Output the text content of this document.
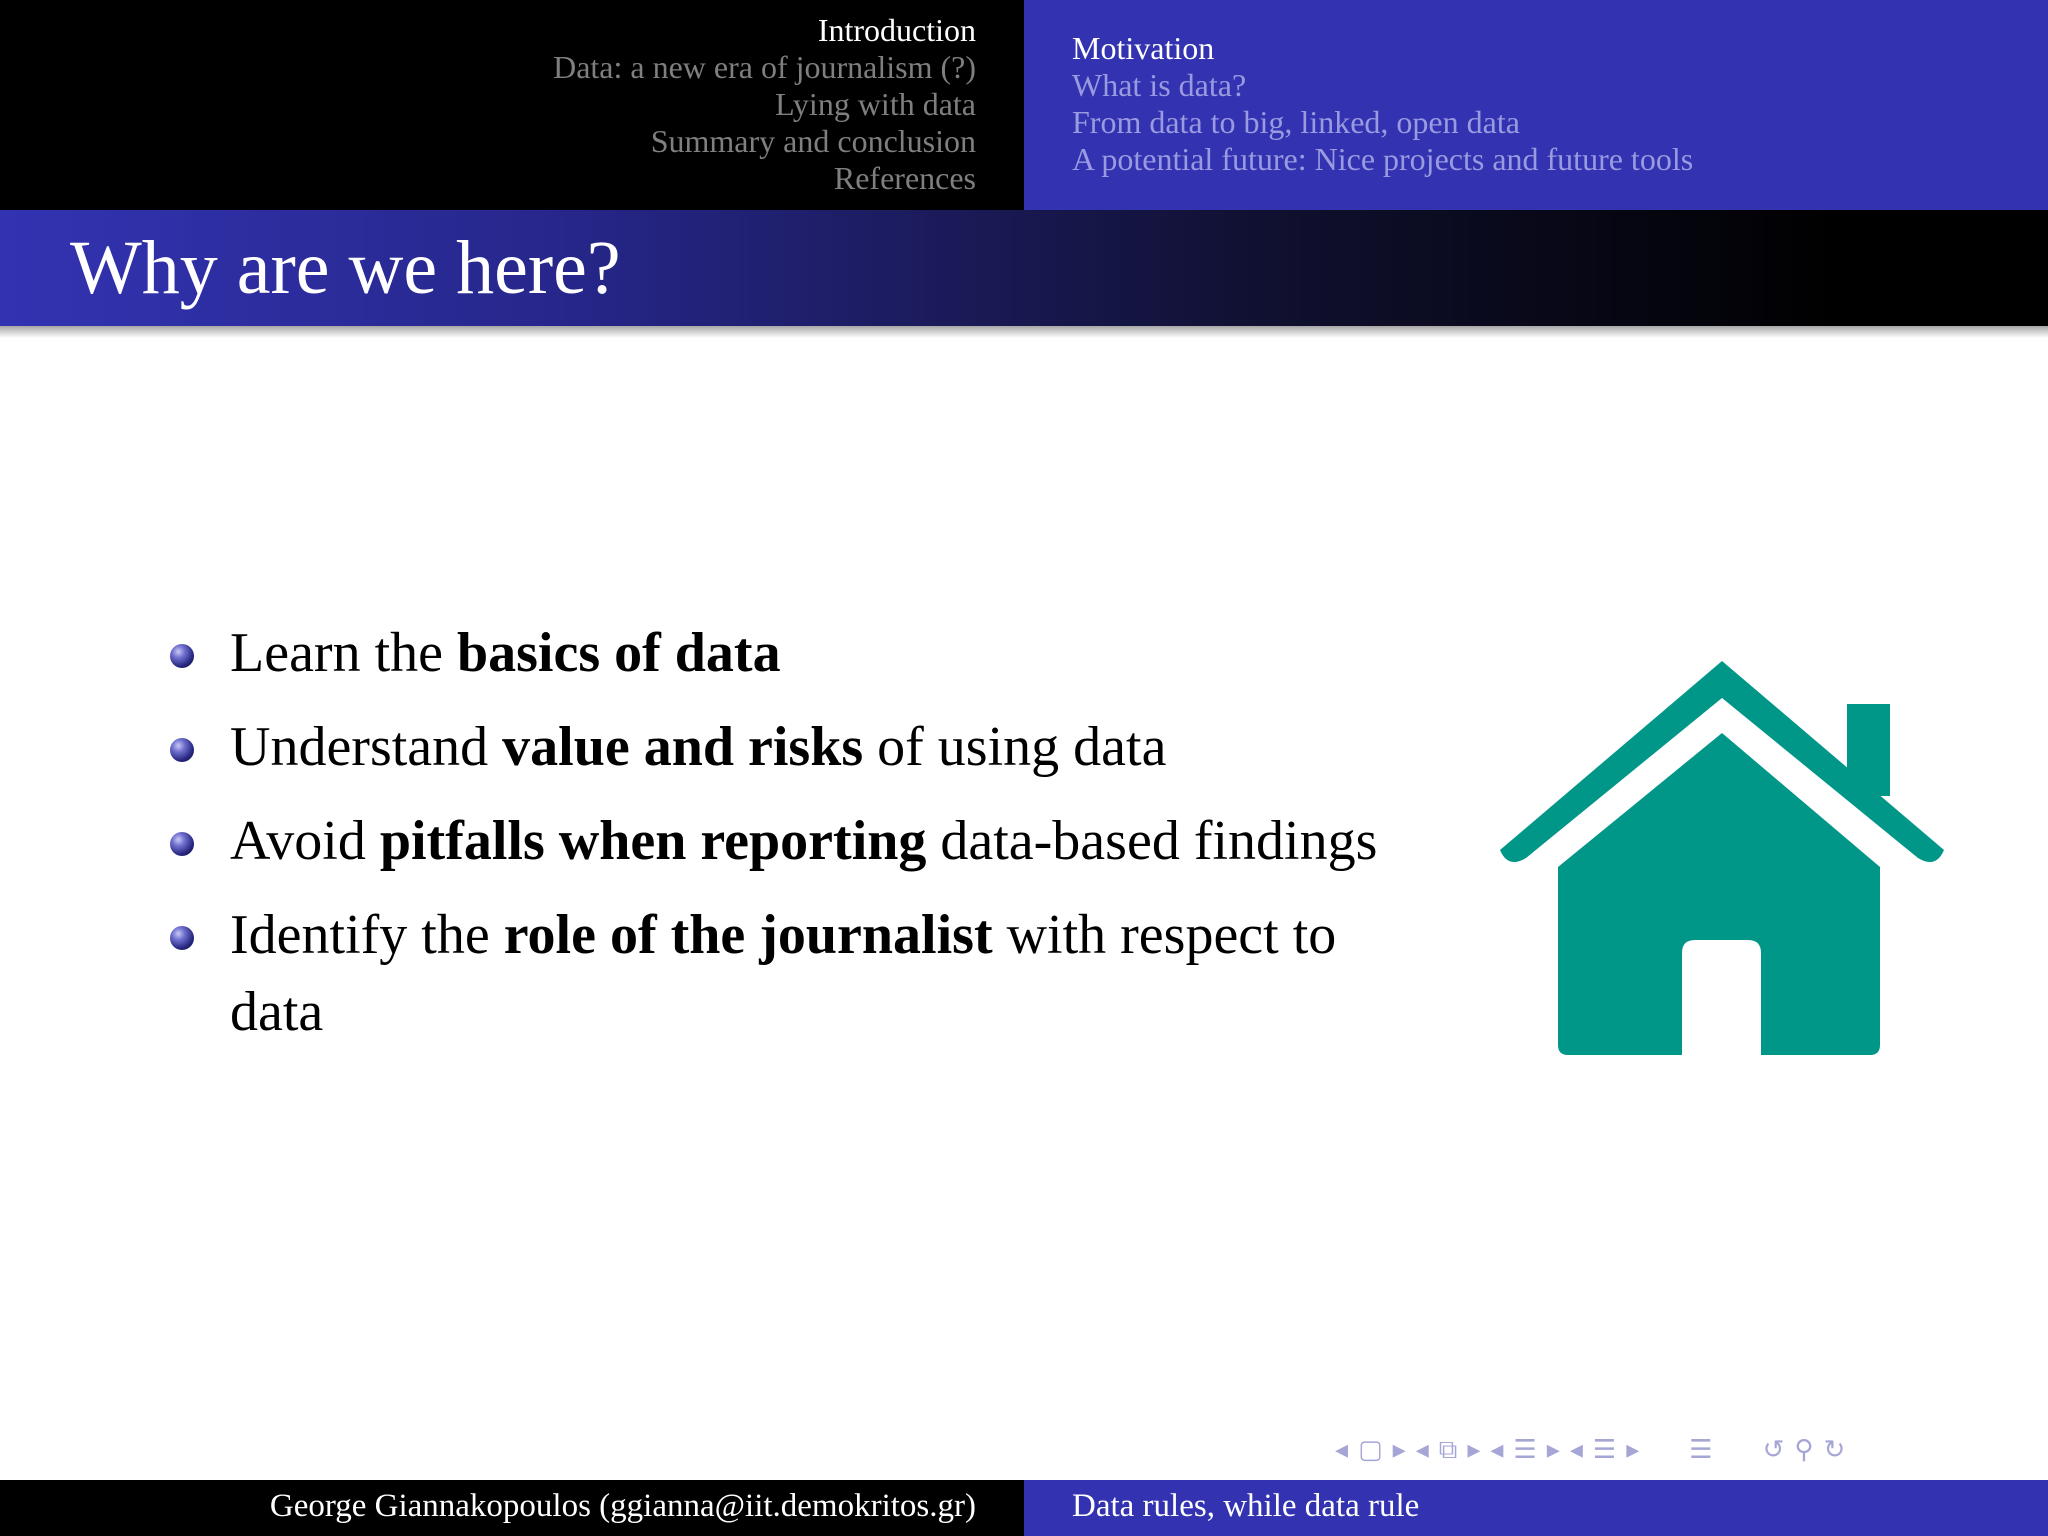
Introduction
Data: a new era of journalism (?)
Lying with data
Summary and conclusion
References
Motivation
What is data?
From data to big, linked, open data
A potential future: Nice projects and future tools
Why are we here?
Learn the basics of data
Understand value and risks of using data
Avoid pitfalls when reporting data-based findings
Identify the role of the journalist with respect to data
◂ ▢ ▸ ◂ ⧉ ▸ ◂ ☰ ▸ ◂ ☰ ▸ ☰ ↺ ⚲ ↻
George Giannakopoulos (ggianna@iit.demokritos.gr)	Data rules, while data rule
